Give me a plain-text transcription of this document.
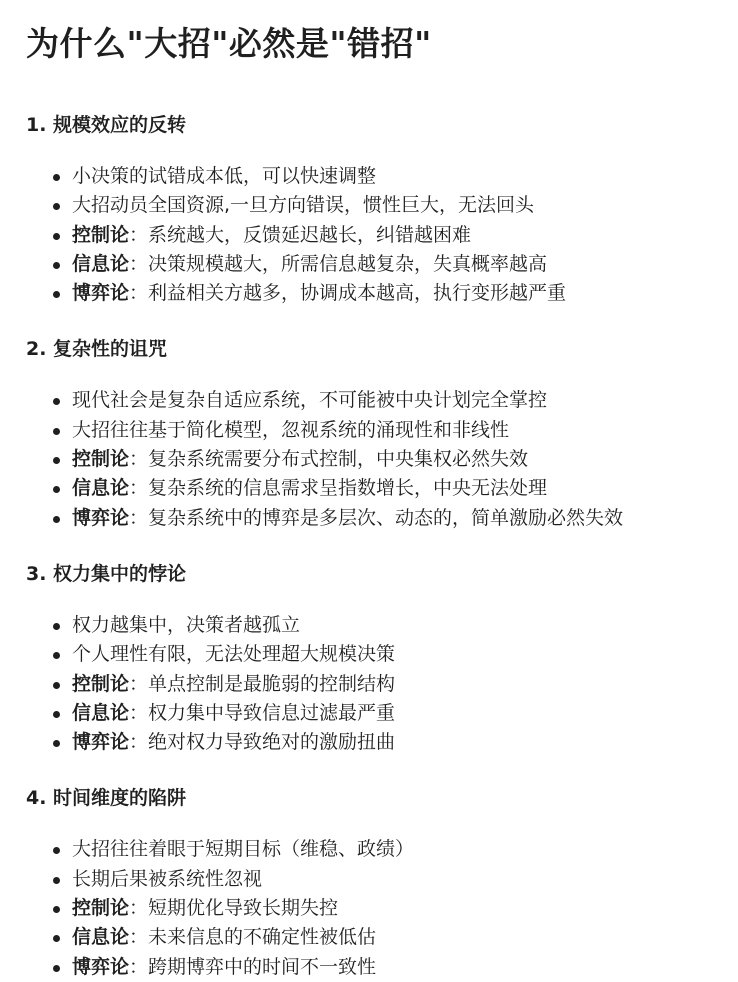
为什么"大招"必然是"错招"
1. 规模效应的反转
小决策的试错成本低，可以快速调整
大招动员全国资源,一旦方向错误，惯性巨大，无法回头
控制论：系统越大，反馈延迟越长，纠错越困难
信息论：决策规模越大，所需信息越复杂，失真概率越高
博弈论：利益相关方越多，协调成本越高，执行变形越严重
2. 复杂性的诅咒
现代社会是复杂自适应系统，不可能被中央计划完全掌控
大招往往基于简化模型，忽视系统的涌现性和非线性
控制论：复杂系统需要分布式控制，中央集权必然失效
信息论：复杂系统的信息需求呈指数增长，中央无法处理
博弈论：复杂系统中的博弈是多层次、动态的，简单激励必然失效
3. 权力集中的悖论
权力越集中，决策者越孤立
个人理性有限，无法处理超大规模决策
控制论：单点控制是最脆弱的控制结构
信息论：权力集中导致信息过滤最严重
博弈论：绝对权力导致绝对的激励扭曲
4. 时间维度的陷阱
大招往往着眼于短期目标（维稳、政绩）
长期后果被系统性忽视
控制论：短期优化导致长期失控
信息论：未来信息的不确定性被低估
博弈论：跨期博弈中的时间不一致性
